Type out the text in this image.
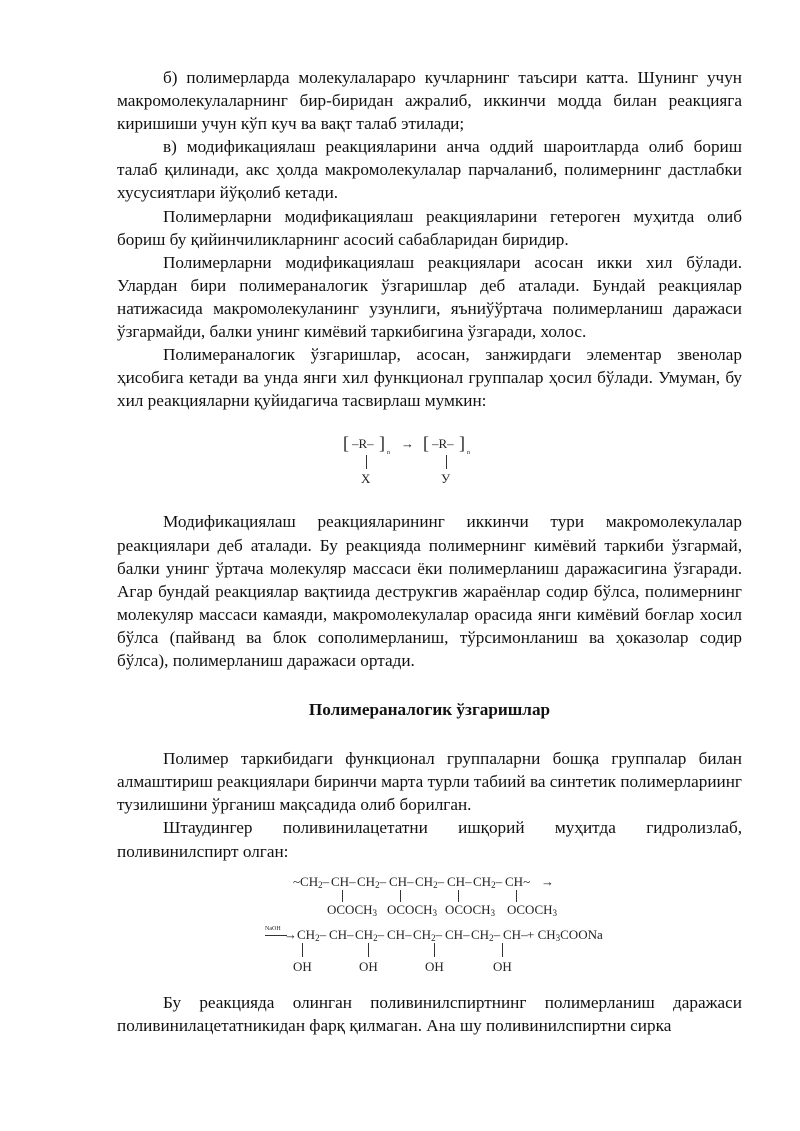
б) полимерларда молекулалараро кучларнинг таъсири катта. Шунинг учун макромолекулаларнинг бир-биридан ажралиб, иккинчи модда билан реакцияга киришиши учун кўп куч ва вақт талаб этилади;

в) модификациялаш реакцияларини анча оддий шароитларда олиб бориш талаб қилинади, акс ҳолда макромолекулалар парчаланиб, полимернинг дастлабки хусусиятлари йўқолиб кетади.

Полимерларни модификациялаш реакцияларини гетероген муҳитда олиб бориш бу қийинчиликларнинг асосий сабабларидан биридир.

Полимерларни модификациялаш реакциялари асосан икки хил бўлади. Улардан бири полимераналогик ўзгаришлар деб аталади. Бундай реакциялар натижасида макромолекуланинг узунлиги, яъниўўртача полимерланиш даражаси ўзгармайди, балки унинг кимёвий таркибигина ўзгаради, холос.

Полимераналогик ўзгаришлар, асосан, занжирдаги элементар звенолар ҳисобига кетади ва унда янги хил функционал группалар ҳосил бўлади. Умуман, бу хил реакцияларни қуйидагича тасвирлаш мумкин:

[ –R– ] n
→ [ –R– ] n
X	У

Модификациялаш реакцияларининг иккинчи тури макромолекулалар реакциялари деб аталади. Бу реакцияда полимернинг кимёвий таркиби ўзгармай, балки унинг ўртача молекуляр массаси ёки полимерланиш даражасигина ўзгаради. Агар бундай реакциялар вақтиида деструкгив жараёнлар содир бўлса, полимернинг молекуляр массаси камаяди, макромолекулалар орасида янги кимёвий боғлар хосил бўлса (пайванд ва блок сополимерланиш, тўрсимонланиш ва ҳоказолар содир бўлса), полимерланиш даражаси ортади.

Полимераналогик ўзгаришлар

Полимер таркибидаги функционал группаларни бошқа группалар билан алмаштириш реакциялари биринчи марта турли табиий ва синтетик полимерлариинг тузилишини ўрганиш мақсадида олиб борилган.

Штаудингер поливинилацетатни ишқорий муҳитда гидролизлаб, поливинилспирт олган:

~CH2– CH– CH2– CH– CH2– CH– CH2– CH~ →
OCOCH3 OCOCH3 OCOCH3 OCOCH3
NaOH → CH2– CH– CH2– CH– CH2– CH– CH2– CH– + CH3COONa
OH	OH	OH	OH

Бу реакцияда олинган поливинилспиртнинг полимерланиш даражаси поливинилацетатникидан фарқ қилмаган. Ана шу поливинилспиртни сирка
